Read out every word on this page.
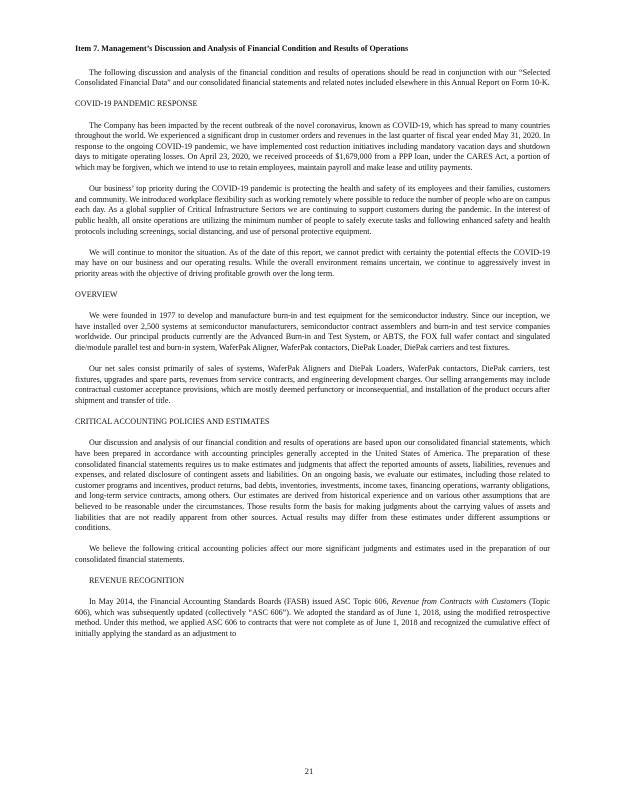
Item 7. Management’s Discussion and Analysis of Financial Condition and Results of Operations

The following discussion and analysis of the financial condition and results of operations should be read in conjunction with our “Selected Consolidated Financial Data” and our consolidated financial statements and related notes included elsewhere in this Annual Report on Form 10-K.

COVID-19 PANDEMIC RESPONSE

The Company has been impacted by the recent outbreak of the novel coronavirus, known as COVID-19, which has spread to many countries throughout the world. We experienced a significant drop in customer orders and revenues in the last quarter of fiscal year ended May 31, 2020. In response to the ongoing COVID-19 pandemic, we have implemented cost reduction initiatives including mandatory vacation days and shutdown days to mitigate operating losses. On April 23, 2020, we received proceeds of $1,679,000 from a PPP loan, under the CARES Act, a portion of which may be forgiven, which we intend to use to retain employees, maintain payroll and make lease and utility payments.

Our business’ top priority during the COVID-19 pandemic is protecting the health and safety of its employees and their families, customers and community. We introduced workplace flexibility such as working remotely where possible to reduce the number of people who are on campus each day. As a global supplier of Critical Infrastructure Sectors we are continuing to support customers during the pandemic. In the interest of public health, all onsite operations are utilizing the minimum number of people to safely execute tasks and following enhanced safety and health protocols including screenings, social distancing, and use of personal protective equipment.

We will continue to monitor the situation. As of the date of this report, we cannot predict with certainty the potential effects the COVID-19 may have on our business and our operating results. While the overall environment remains uncertain, we continue to aggressively invest in priority areas with the objective of driving profitable growth over the long term.

OVERVIEW

We were founded in 1977 to develop and manufacture burn-in and test equipment for the semiconductor industry. Since our inception, we have installed over 2,500 systems at semiconductor manufacturers, semiconductor contract assemblers and burn-in and test service companies worldwide. Our principal products currently are the Advanced Burn-in and Test System, or ABTS, the FOX full wafer contact and singulated die/module parallel test and burn-in system, WaferPak Aligner, WaferPak contactors, DiePak Loader, DiePak carriers and test fixtures.

Our net sales consist primarily of sales of systems, WaferPak Aligners and DiePak Loaders, WaferPak contactors, DiePak carriers, test fixtures, upgrades and spare parts, revenues from service contracts, and engineering development charges. Our selling arrangements may include contractual customer acceptance provisions, which are mostly deemed perfunctory or inconsequential, and installation of the product occurs after shipment and transfer of title.

CRITICAL ACCOUNTING POLICIES AND ESTIMATES

Our discussion and analysis of our financial condition and results of operations are based upon our consolidated financial statements, which have been prepared in accordance with accounting principles generally accepted in the United States of America. The preparation of these consolidated financial statements requires us to make estimates and judgments that affect the reported amounts of assets, liabilities, revenues and expenses, and related disclosure of contingent assets and liabilities. On an ongoing basis, we evaluate our estimates, including those related to customer programs and incentives, product returns, bad debts, inventories, investments, income taxes, financing operations, warranty obligations, and long-term service contracts, among others. Our estimates are derived from historical experience and on various other assumptions that are believed to be reasonable under the circumstances. Those results form the basis for making judgments about the carrying values of assets and liabilities that are not readily apparent from other sources. Actual results may differ from these estimates under different assumptions or conditions.

We believe the following critical accounting policies affect our more significant judgments and estimates used in the preparation of our consolidated financial statements.

REVENUE RECOGNITION

In May 2014, the Financial Accounting Standards Boards (FASB) issued ASC Topic 606, Revenue from Contracts with Customers (Topic 606), which was subsequently updated (collectively “ASC 606”). We adopted the standard as of June 1, 2018, using the modified retrospective method. Under this method, we applied ASC 606 to contracts that were not complete as of June 1, 2018 and recognized the cumulative effect of initially applying the standard as an adjustment to

21
